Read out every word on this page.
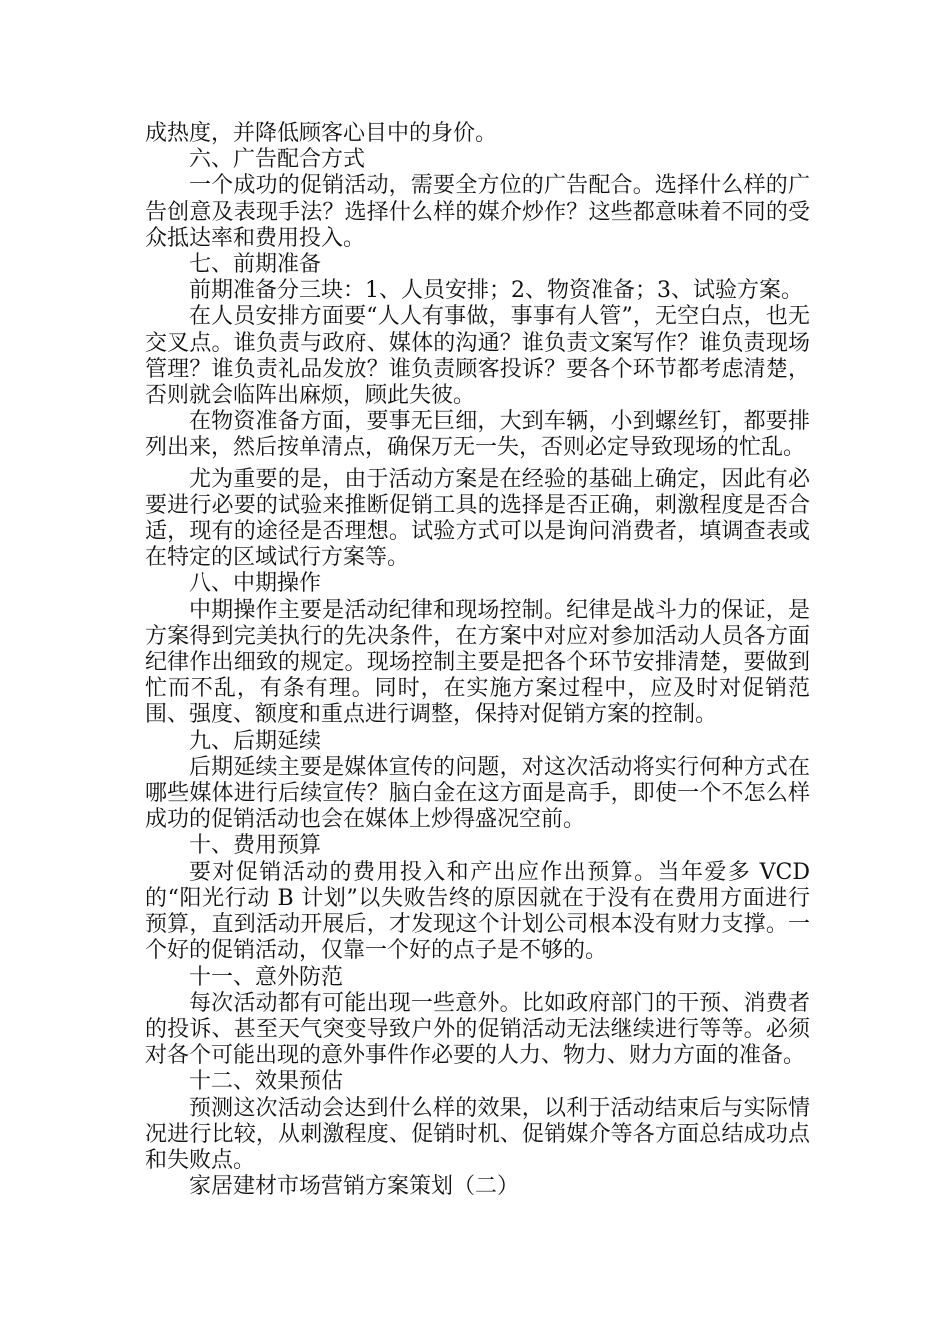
成热度，并降低顾客心目中的身价。

六、广告配合方式

一个成功的促销活动，需要全方位的广告配合。选择什么样的广告创意及表现手法？选择什么样的媒介炒作？这些都意味着不同的受众抵达率和费用投入。

七、前期准备

前期准备分三块：1、人员安排；2、物资准备；3、试验方案。

在人员安排方面要“人人有事做，事事有人管”，无空白点，也无交叉点。谁负责与政府、媒体的沟通？谁负责文案写作？谁负责现场管理？谁负责礼品发放？谁负责顾客投诉？要各个环节都考虑清楚，否则就会临阵出麻烦，顾此失彼。

在物资准备方面，要事无巨细，大到车辆，小到螺丝钉，都要排列出来，然后按单清点，确保万无一失，否则必定导致现场的忙乱。

尤为重要的是，由于活动方案是在经验的基础上确定，因此有必要进行必要的试验来推断促销工具的选择是否正确，刺激程度是否合适，现有的途径是否理想。试验方式可以是询问消费者，填调查表或在特定的区域试行方案等。

八、中期操作

中期操作主要是活动纪律和现场控制。纪律是战斗力的保证，是方案得到完美执行的先决条件，在方案中对应对参加活动人员各方面纪律作出细致的规定。现场控制主要是把各个环节安排清楚，要做到忙而不乱，有条有理。同时，在实施方案过程中，应及时对促销范围、强度、额度和重点进行调整，保持对促销方案的控制。

九、后期延续

后期延续主要是媒体宣传的问题，对这次活动将实行何种方式在哪些媒体进行后续宣传？脑白金在这方面是高手，即使一个不怎么样成功的促销活动也会在媒体上炒得盛况空前。

十、费用预算

要对促销活动的费用投入和产出应作出预算。当年爱多 VCD 的“阳光行动 B 计划”以失败告终的原因就在于没有在费用方面进行预算，直到活动开展后，才发现这个计划公司根本没有财力支撑。一个好的促销活动，仅靠一个好的点子是不够的。

十一、意外防范

每次活动都有可能出现一些意外。比如政府部门的干预、消费者的投诉、甚至天气突变导致户外的促销活动无法继续进行等等。必须对各个可能出现的意外事件作必要的人力、物力、财力方面的准备。

十二、效果预估

预测这次活动会达到什么样的效果，以利于活动结束后与实际情况进行比较，从刺激程度、促销时机、促销媒介等各方面总结成功点和失败点。

家居建材市场营销方案策划（二）
